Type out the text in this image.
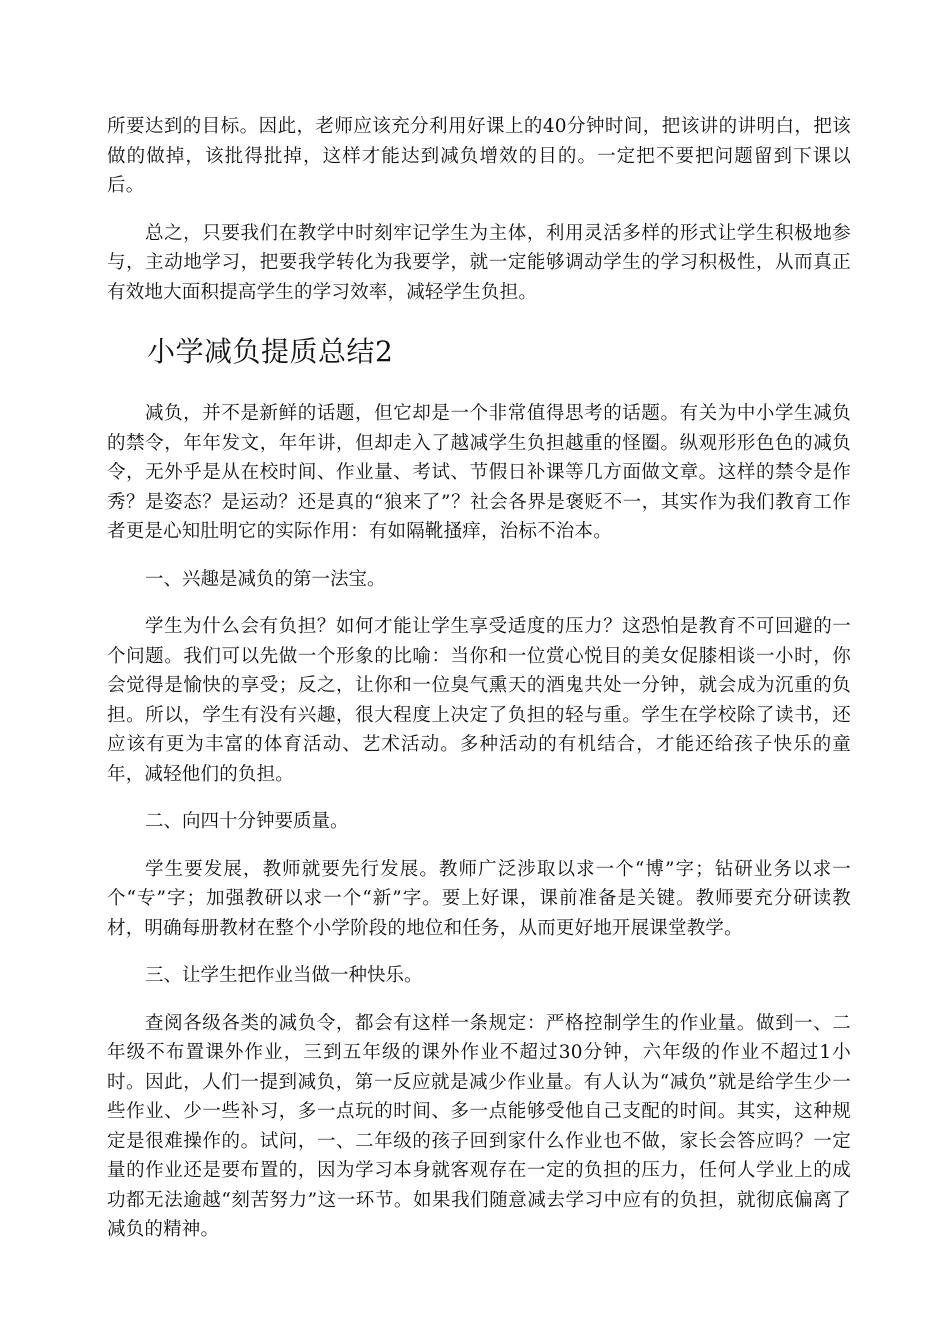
所要达到的目标。因此，老师应该充分利用好课上的40分钟时间，把该讲的讲明白，把该做的做掉，该批得批掉，这样才能达到减负增效的目的。一定把不要把问题留到下课以后。

总之，只要我们在教学中时刻牢记学生为主体，利用灵活多样的形式让学生积极地参与，主动地学习，把要我学转化为我要学，就一定能够调动学生的学习积极性，从而真正有效地大面积提高学生的学习效率，减轻学生负担。

小学减负提质总结2

减负，并不是新鲜的话题，但它却是一个非常值得思考的话题。有关为中小学生减负的禁令，年年发文，年年讲，但却走入了越减学生负担越重的怪圈。纵观形形色色的减负令，无外乎是从在校时间、作业量、考试、节假日补课等几方面做文章。这样的禁令是作秀？是姿态？是运动？还是真的“狼来了”？社会各界是褒贬不一，其实作为我们教育工作者更是心知肚明它的实际作用：有如隔靴搔痒，治标不治本。

一、兴趣是减负的第一法宝。

学生为什么会有负担？如何才能让学生享受适度的压力？这恐怕是教育不可回避的一个问题。我们可以先做一个形象的比喻：当你和一位赏心悦目的美女促膝相谈一小时，你会觉得是愉快的享受；反之，让你和一位臭气熏天的酒鬼共处一分钟，就会成为沉重的负担。所以，学生有没有兴趣，很大程度上决定了负担的轻与重。学生在学校除了读书，还应该有更为丰富的体育活动、艺术活动。多种活动的有机结合，才能还给孩子快乐的童年，减轻他们的负担。

二、向四十分钟要质量。

学生要发展，教师就要先行发展。教师广泛涉取以求一个“博”字；钻研业务以求一个“专”字；加强教研以求一个“新”字。要上好课，课前准备是关键。教师要充分研读教材，明确每册教材在整个小学阶段的地位和任务，从而更好地开展课堂教学。

三、让学生把作业当做一种快乐。

查阅各级各类的减负令，都会有这样一条规定：严格控制学生的作业量。做到一、二年级不布置课外作业，三到五年级的课外作业不超过30分钟，六年级的作业不超过1小时。因此，人们一提到减负，第一反应就是减少作业量。有人认为“减负”就是给学生少一些作业、少一些补习，多一点玩的时间、多一点能够受他自己支配的时间。其实，这种规定是很难操作的。试问，一、二年级的孩子回到家什么作业也不做，家长会答应吗？一定量的作业还是要布置的，因为学习本身就客观存在一定的负担的压力，任何人学业上的成功都无法逾越“刻苦努力”这一环节。如果我们随意减去学习中应有的负担，就彻底偏离了减负的精神。
